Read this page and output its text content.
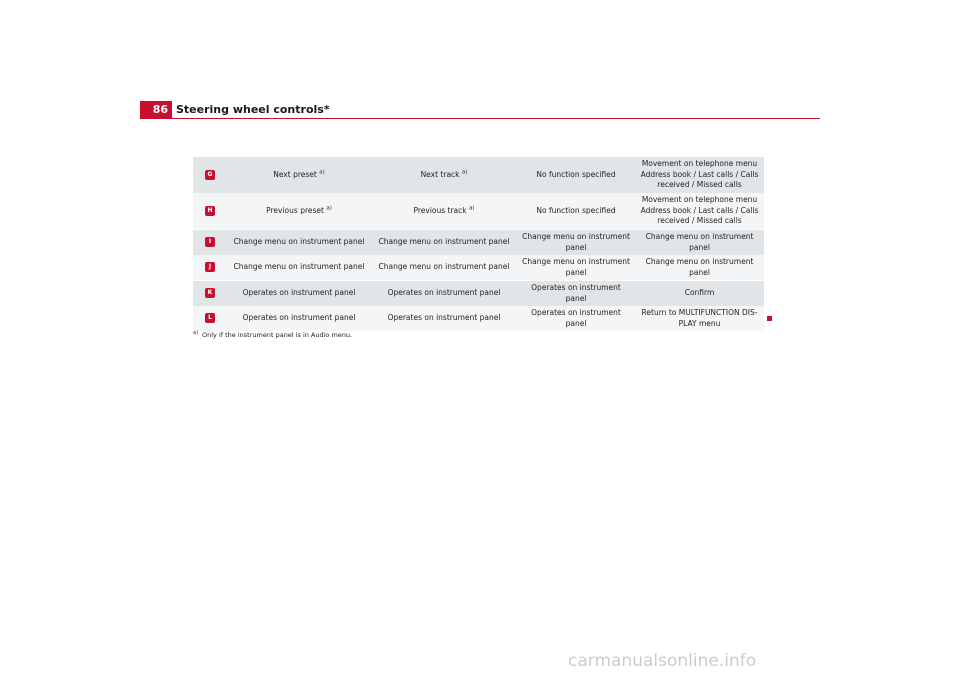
86 Steering wheel controls*
G	Next preset $^{a)}$	Next track $^{a)}$	No function specified	Movement on telephone menu Address book / Last calls / Calls received / Missed calls
H	Previous preset $^{a)}$	Previous track $^{a)}$	No function specified	Movement on telephone menu Address book / Last calls / Calls received / Missed calls
I	Change menu on instrument panel	Change menu on instrument panel	Change menu on instrument panel	Change menu on instrument panel
J	Change menu on instrument panel	Change menu on instrument panel	Change menu on instrument panel	Change menu on instrument panel
K	Operates on instrument panel	Operates on instrument panel	Operates on instrument panel	Confirm
L	Operates on instrument panel	Operates on instrument panel	Operates on instrument panel	Return to MULTIFUNCTION DIS- PLAY menu
$^{a)}$ Only if the instrument panel is in Audio menu.
carmanualsonline.info
